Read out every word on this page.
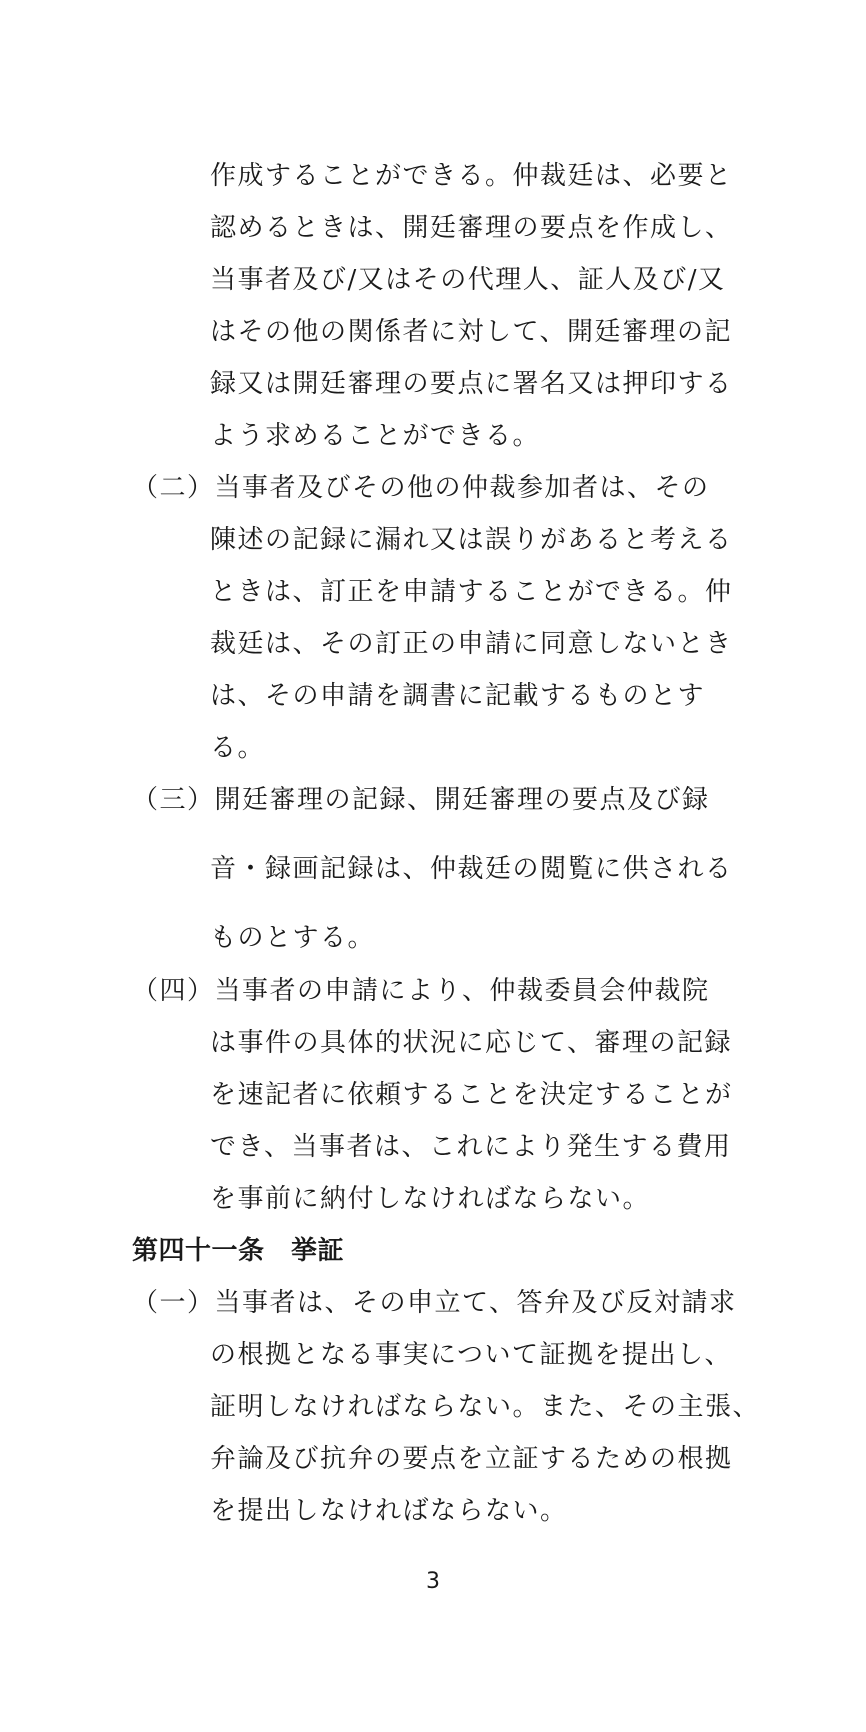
作成することができる。仲裁廷は、必要と
認めるときは、開廷審理の要点を作成し、
当事者及び/又はその代理人、証人及び/又
はその他の関係者に対して、開廷審理の記
録又は開廷審理の要点に署名又は押印する
よう求めることができる。
（二）当事者及びその他の仲裁参加者は、その
陳述の記録に漏れ又は誤りがあると考える
ときは、訂正を申請することができる。仲
裁廷は、その訂正の申請に同意しないとき
は、その申請を調書に記載するものとす
る。
（三）開廷審理の記録、開廷審理の要点及び録
音・録画記録は、仲裁廷の閲覧に供される
ものとする。
（四）当事者の申請により、仲裁委員会仲裁院
は事件の具体的状況に応じて、審理の記録
を速記者に依頼することを決定することが
でき、当事者は、これにより発生する費用
を事前に納付しなければならない。
第四十一条　挙証
（一）当事者は、その申立て、答弁及び反対請求
の根拠となる事実について証拠を提出し、
証明しなければならない。また、その主張、
弁論及び抗弁の要点を立証するための根拠
を提出しなければならない。
3
